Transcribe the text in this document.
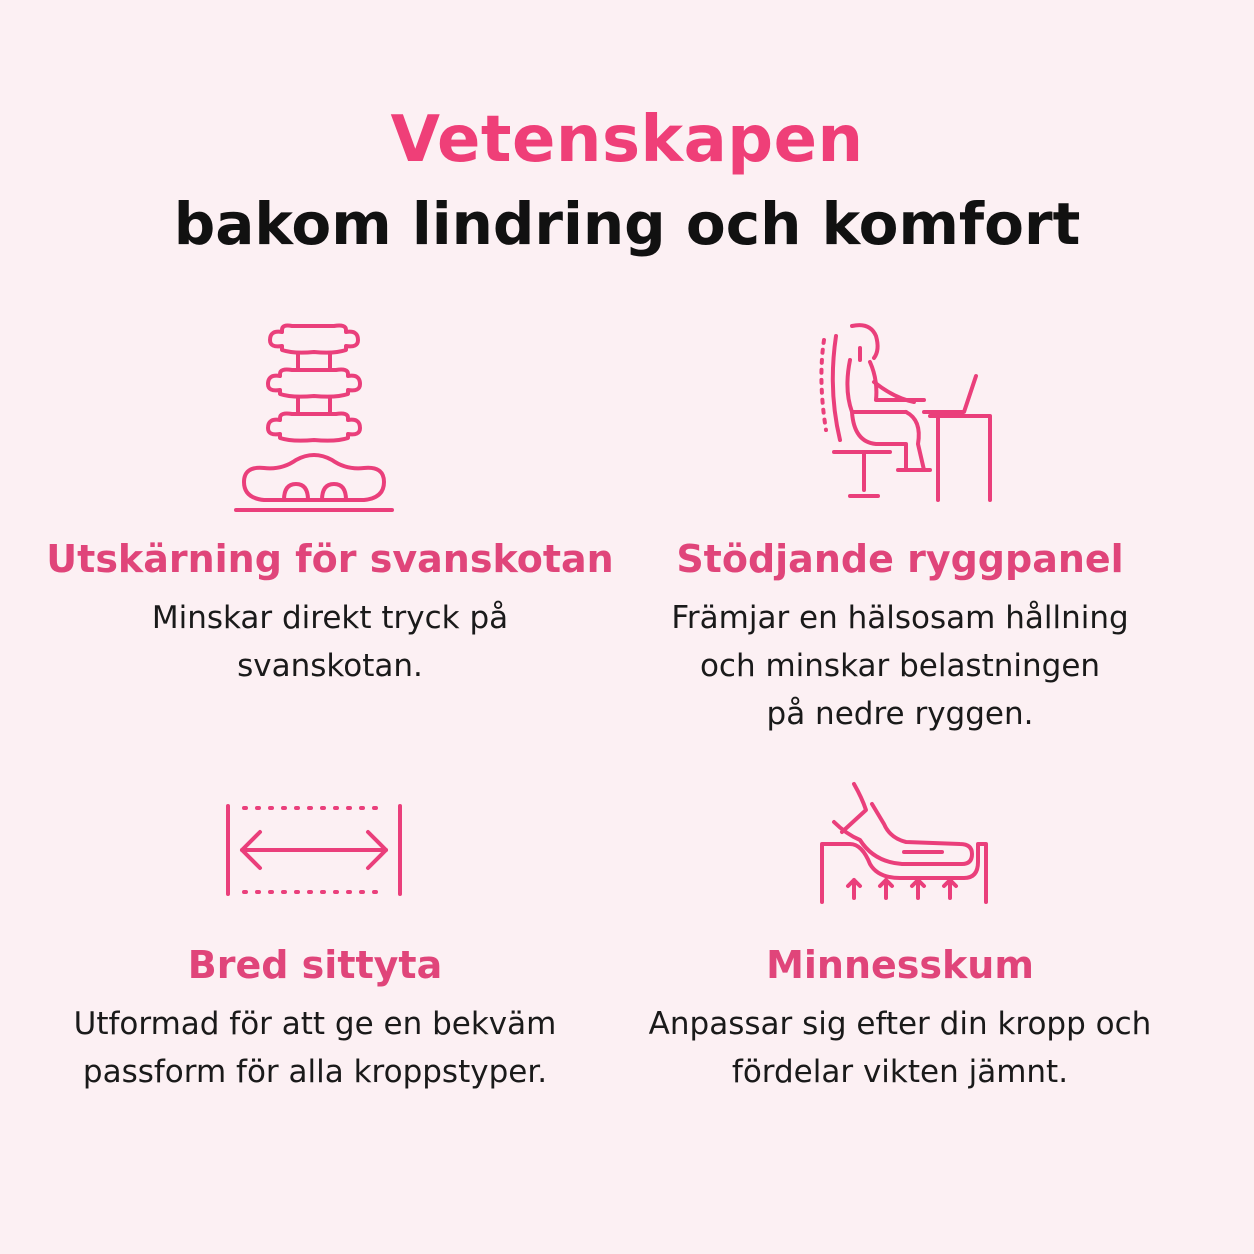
Vetenskapen
bakom lindring och komfort

Utskärning för svanskotan

Minskar direkt tryck på
svanskotan.

Stödjande ryggpanel

Främjar en hälsosam hållning
och minskar belastningen
på nedre ryggen.

Bred sittyta

Utformad för att ge en bekväm
passform för alla kroppstyper.

Minnesskum

Anpassar sig efter din kropp och
fördelar vikten jämnt.
